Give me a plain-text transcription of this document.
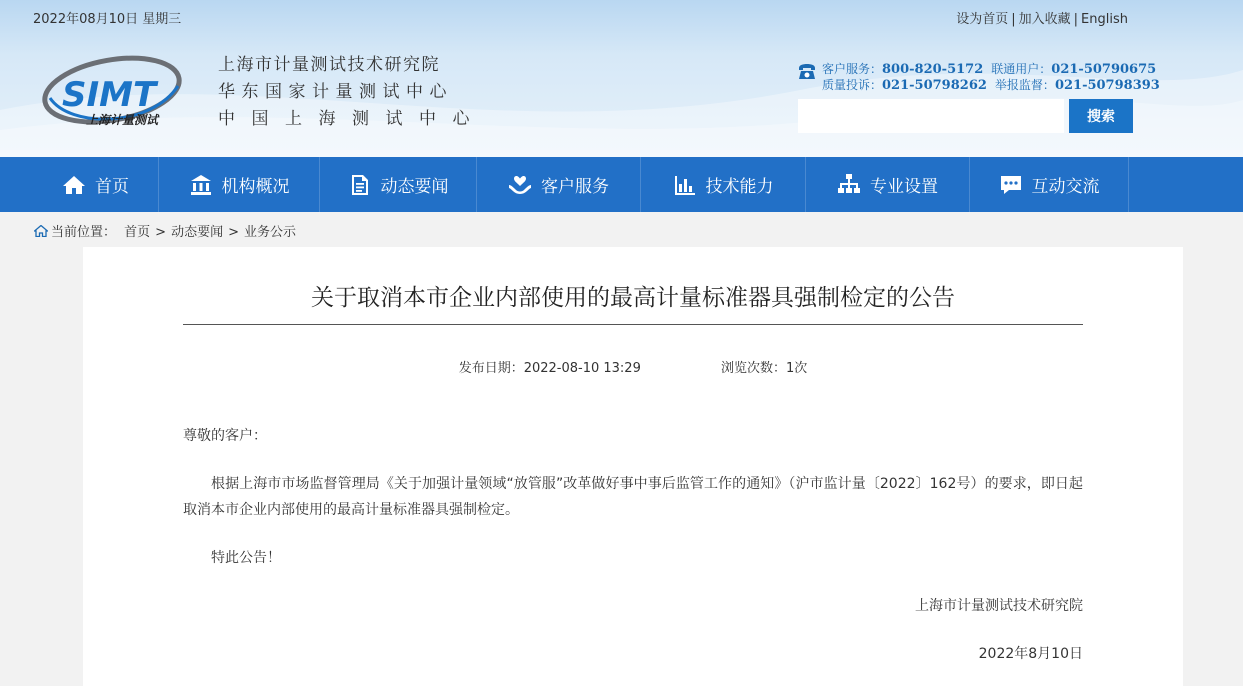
2022年08月10日 星期三	设为首页 | 加入收藏 | English
SIMT
上海计量测试
上海市计量测试技术研究院
华东国家计量测试中心
中国上海测试中心
客户服务：800-820-5172 联通用户：021-50790675
质量投诉：021-50798262 举报监督：021-50798393
搜索
首页	机构概况	动态要闻	客户服务	技术能力	专业设置	互动交流
当前位置： 首页 > 动态要闻 > 业务公示
关于取消本市企业内部使用的最高计量标准器具强制检定的公告
发布日期：2022-08-10 13:29	浏览次数：1次

尊敬的客户：

根据上海市市场监督管理局《关于加强计量领域“放管服”改革做好事中事后监管工作的通知》（沪市监计量〔2022〕162号）的要求，即日起取消本市企业内部使用的最高计量标准器具强制检定。

特此公告！

上海市计量测试技术研究院

2022年8月10日
